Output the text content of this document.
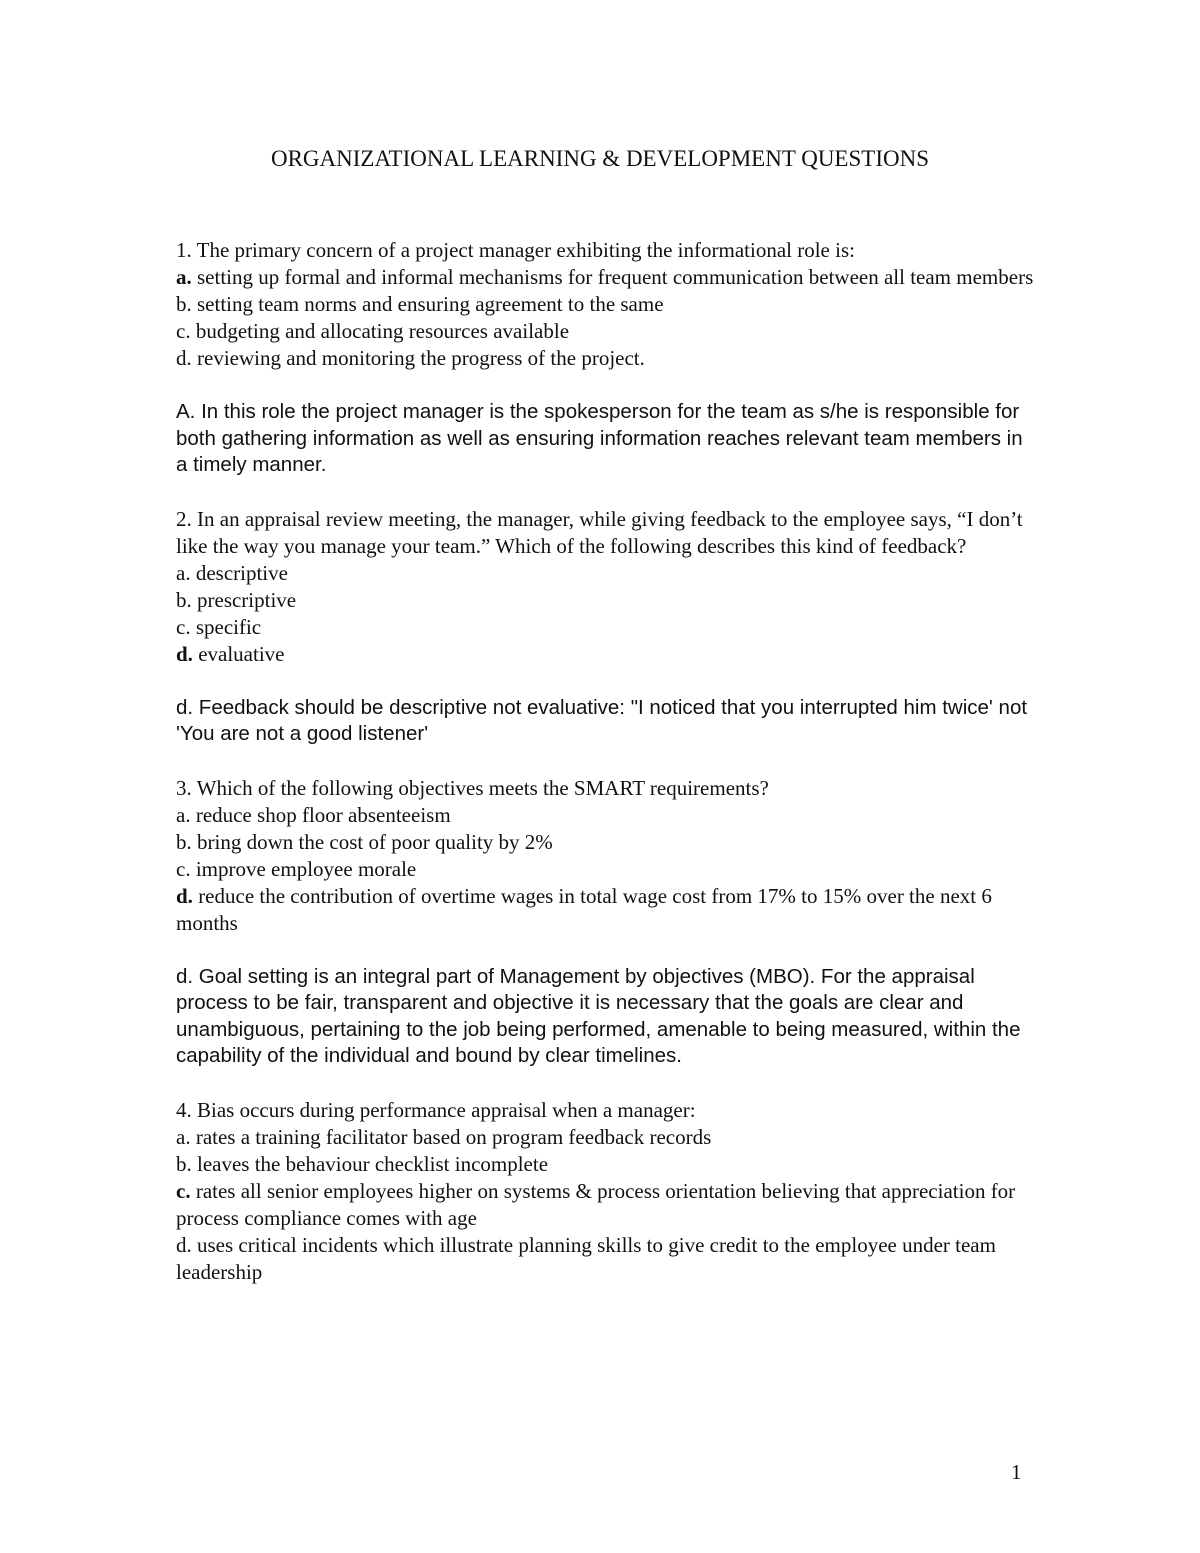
ORGANIZATIONAL LEARNING & DEVELOPMENT QUESTIONS
1. The primary concern of a project manager exhibiting the informational role is:
a. setting up formal and informal mechanisms for frequent communication between all team members
b. setting team norms and ensuring agreement to the same
c. budgeting and allocating resources available
d. reviewing and monitoring the progress of the project.
A. In this role the project manager is the spokesperson for the team as s/he is responsible for both gathering information as well as ensuring information reaches relevant team members in a timely manner.
2. In an appraisal review meeting, the manager, while giving feedback to the employee says, “I don’t like the way you manage your team.” Which of the following describes this kind of feedback?
a. descriptive
b. prescriptive
c. specific
d. evaluative
d. Feedback should be descriptive not evaluative: "I noticed that you interrupted him twice' not 'You are not a good listener'
3. Which of the following objectives meets the SMART requirements?
a. reduce shop floor absenteeism
b. bring down the cost of poor quality by 2%
c. improve employee morale
d. reduce the contribution of overtime wages in total wage cost from 17% to 15% over the next 6 months
d. Goal setting is an integral part of Management by objectives (MBO). For the appraisal process to be fair, transparent and objective it is necessary that the goals are clear and unambiguous, pertaining to the job being performed, amenable to being measured, within the capability of the individual and bound by clear timelines.
4. Bias occurs during performance appraisal when a manager:
a. rates a training facilitator based on program feedback records
b. leaves the behaviour checklist incomplete
c. rates all senior employees higher on systems & process orientation believing that appreciation for process compliance comes with age
d. uses critical incidents which illustrate planning skills to give credit to the employee under team leadership
1
